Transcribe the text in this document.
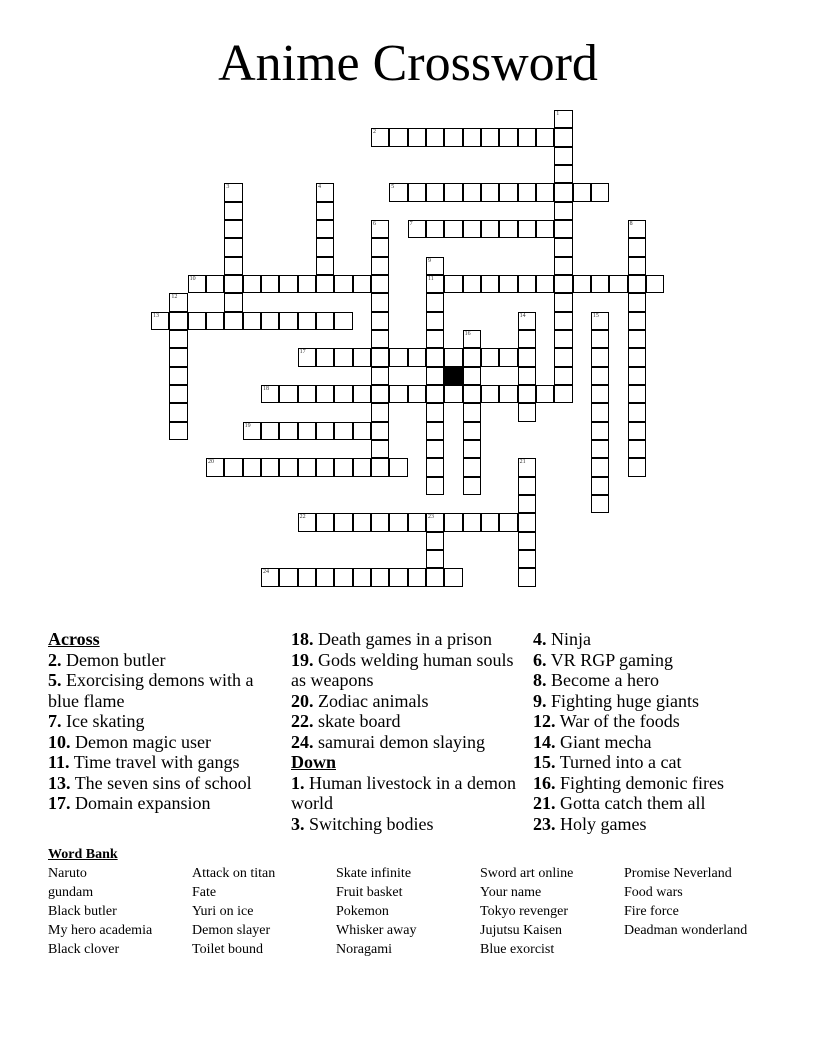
Anime Crossword
1
2
3	4	5
6	7	8
9
11
10
12
13	14	15
16
17
18
19
20	21
22	23
24
Across
2. Demon butler
5. Exorcising demons with a blue flame
7. Ice skating
10. Demon magic user
11. Time travel with gangs
13. The seven sins of school
17. Domain expansion
18. Death games in a prison
19. Gods welding human souls as weapons
20. Zodiac animals
22. skate board
24. samurai demon slaying
Down
1. Human livestock in a demon world
3. Switching bodies
4. Ninja
6. VR RGP gaming
8. Become a hero
9. Fighting huge giants
12. War of the foods
14. Giant mecha
15. Turned into a cat
16. Fighting demonic fires
21. Gotta catch them all
23. Holy games
Word Bank
Naruto	Attack on titan	Skate infinite	Sword art online	Promise Neverland
gundam	Fate	Fruit basket	Your name	Food wars
Black butler	Yuri on ice	Pokemon	Tokyo revenger	Fire force
My hero academia	Demon slayer	Whisker away	Jujutsu Kaisen	Deadman wonderland
Black clover	Toilet bound	Noragami	Blue exorcist
